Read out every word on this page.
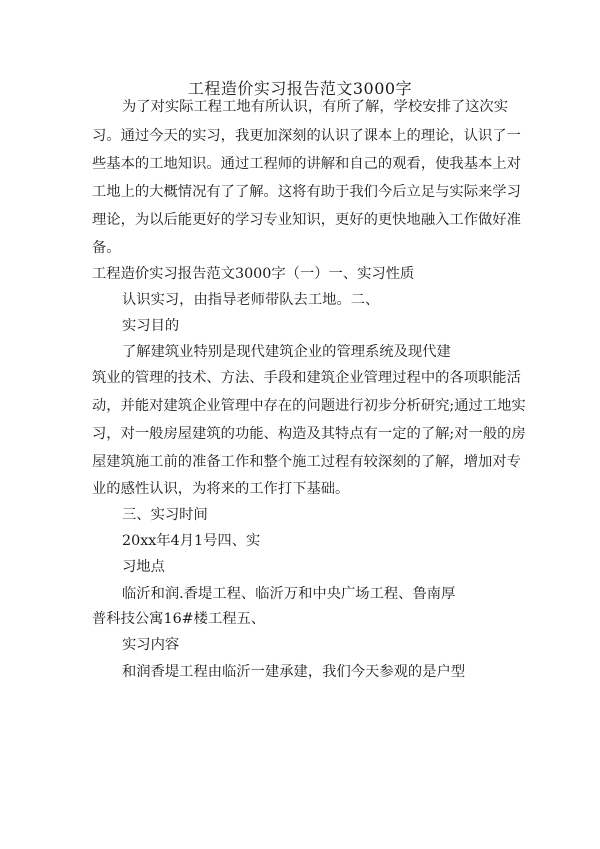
工程造价实习报告范文3000字
为了对实际工程工地有所认识，有所了解，学校安排了这次实
习。通过今天的实习，我更加深刻的认识了课本上的理论，认识了一
些基本的工地知识。通过工程师的讲解和自己的观看，使我基本上对
工地上的大概情况有了了解。这将有助于我们今后立足与实际来学习
理论，为以后能更好的学习专业知识，更好的更快地融入工作做好准
备。
工程造价实习报告范文3000字（一）一、实习性质
认识实习，由指导老师带队去工地。二、
实习目的
了解建筑业特别是现代建筑企业的管理系统及现代建
筑业的管理的技术、方法、手段和建筑企业管理过程中的各项职能活
动，并能对建筑企业管理中存在的问题进行初步分析研究;通过工地实
习，对一般房屋建筑的功能、构造及其特点有一定的了解;对一般的房
屋建筑施工前的准备工作和整个施工过程有较深刻的了解，增加对专
业的感性认识，为将来的工作打下基础。
三、实习时间
20xx年4月1号四、实
习地点
临沂和润.香堤工程、临沂万和中央广场工程、鲁南厚
普科技公寓16#楼工程五、
实习内容
和润香堤工程由临沂一建承建，我们今天参观的是户型
